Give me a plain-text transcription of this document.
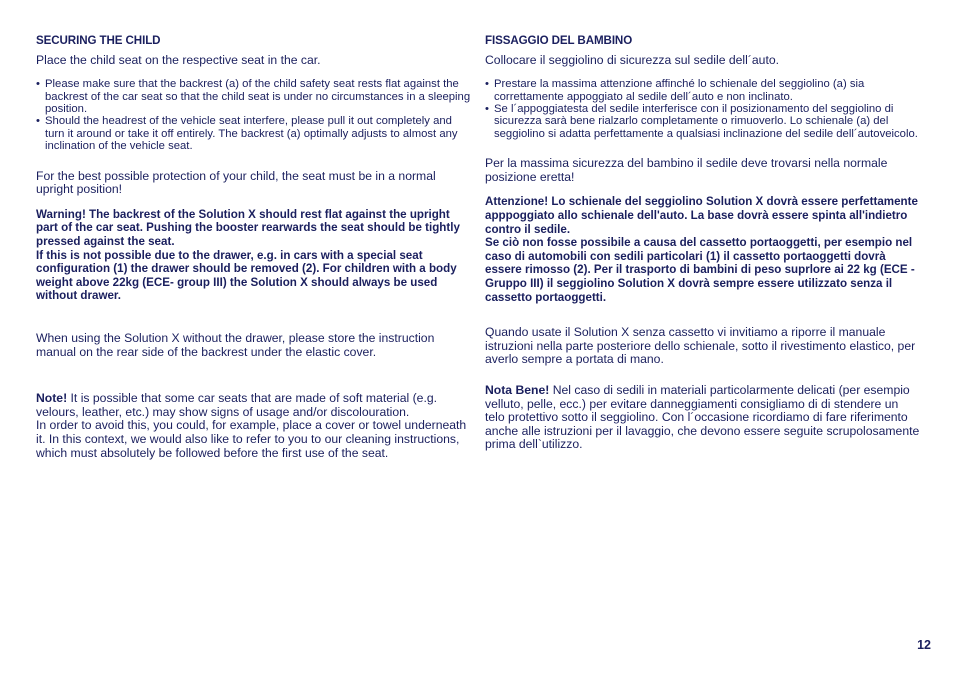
SECURING THE CHILD

Place the child seat on the respective seat in the car.

• Please make sure that the backrest (a) of the child safety seat rests flat against the backrest of the car seat so that the child seat is under no circumstances in a sleeping position.
• Should the headrest of the vehicle seat interfere, please pull it out completely and turn it around or take it off entirely. The backrest (a) optimally adjusts to almost any inclination of the vehicle seat.

For the best possible protection of your child, the seat must be in a normal upright position!

Warning! The backrest of the Solution X should rest flat against the upright part of the car seat. Pushing the booster rearwards the seat should be tightly pressed against the seat.

If this is not possible due to the drawer, e.g. in cars with a special seat configuration (1) the drawer should be removed (2). For children with a body weight above 22kg (ECE- group III) the Solution X should always be used without drawer.

When using the Solution X without the drawer, please store the instruction manual on the rear side of the backrest under the elastic cover.

Note! It is possible that some car seats that are made of soft material (e.g. velours, leather, etc.) may show signs of usage and/or discolouration.

In order to avoid this, you could, for example, place a cover or towel underneath it. In this context, we would also like to refer to you to our cleaning instructions, which must absolutely be followed before the first use of the seat.

FISSAGGIO DEL BAMBINO

Collocare il seggiolino di sicurezza sul sedile dell´auto.

• Prestare la massima attenzione affinché lo schienale del seggiolino (a) sia correttamente appoggiato al sedile dell´auto e non inclinato.
• Se l´appoggiatesta del sedile interferisce con il posizionamento del seggiolino di sicurezza sarà bene rialzarlo completamente o rimuoverlo. Lo schienale (a) del seggiolino si adatta perfettamente a qualsiasi inclinazione del sedile dell´autoveicolo.

Per la massima sicurezza del bambino il sedile deve trovarsi nella normale posizione eretta!

Attenzione! Lo schienale del seggiolino Solution X dovrà essere perfettamente apppoggiato allo schienale dell'auto. La base dovrà essere spinta all'indietro contro il sedile.

Se ciò non fosse possibile a causa del cassetto portaoggetti, per esempio nel caso di automobili con sedili particolari (1) il cassetto portaoggetti dovrà essere rimosso (2). Per il trasporto di bambini di peso suprlore ai 22 kg (ECE - Gruppo III) il seggiolino Solution X dovrà sempre essere utilizzato senza il cassetto portaoggetti.

Quando usate il Solution X senza cassetto vi invitiamo a riporre il manuale istruzioni nella parte posteriore dello schienale, sotto il rivestimento elastico, per averlo sempre a portata di mano.

Nota Bene! Nel caso di sedili in materiali particolarmente delicati (per esempio velluto, pelle, ecc.) per evitare danneggiamenti consigliamo di di stendere un telo protettivo sotto il seggiolino. Con l´occasione ricordiamo di fare riferimento anche alle istruzioni per il lavaggio, che devono essere seguite scrupolosamente prima dell`utilizzo.

12
